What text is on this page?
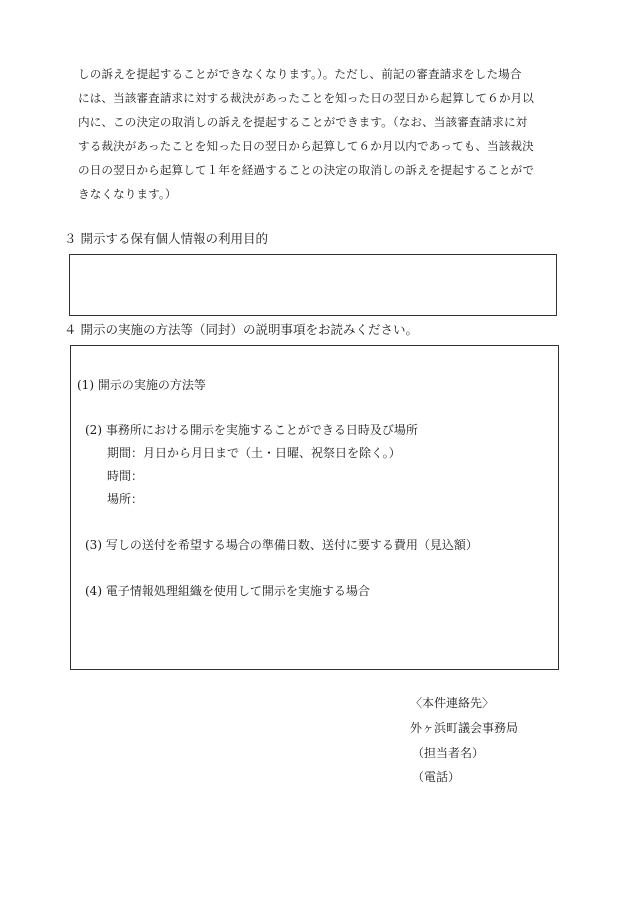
しの訴えを提起することができなくなります。）。ただし、前記の審査請求をした場合
には、当該審査請求に対する裁決があったことを知った日の翌日から起算して６か月以
内に、この決定の取消しの訴えを提起することができます。（なお、当該審査請求に対
する裁決があったことを知った日の翌日から起算して６か月以内であっても、当該裁決
の日の翌日から起算して１年を経過することの決定の取消しの訴えを提起することがで
きなくなります。）
３ 開示する保有個人情報の利用目的
４ 開示の実施の方法等（同封）の説明事項をお読みください。
(1) 開示の実施の方法等
(2) 事務所における開示を実施することができる日時及び場所
期間：月日から月日まで（土・日曜、祝祭日を除く。）
時間：
場所：
(3) 写しの送付を希望する場合の準備日数、送付に要する費用（見込額）
(4) 電子情報処理組織を使用して開示を実施する場合
〈本件連絡先〉
外ヶ浜町議会事務局
（担当者名）
（電話）
